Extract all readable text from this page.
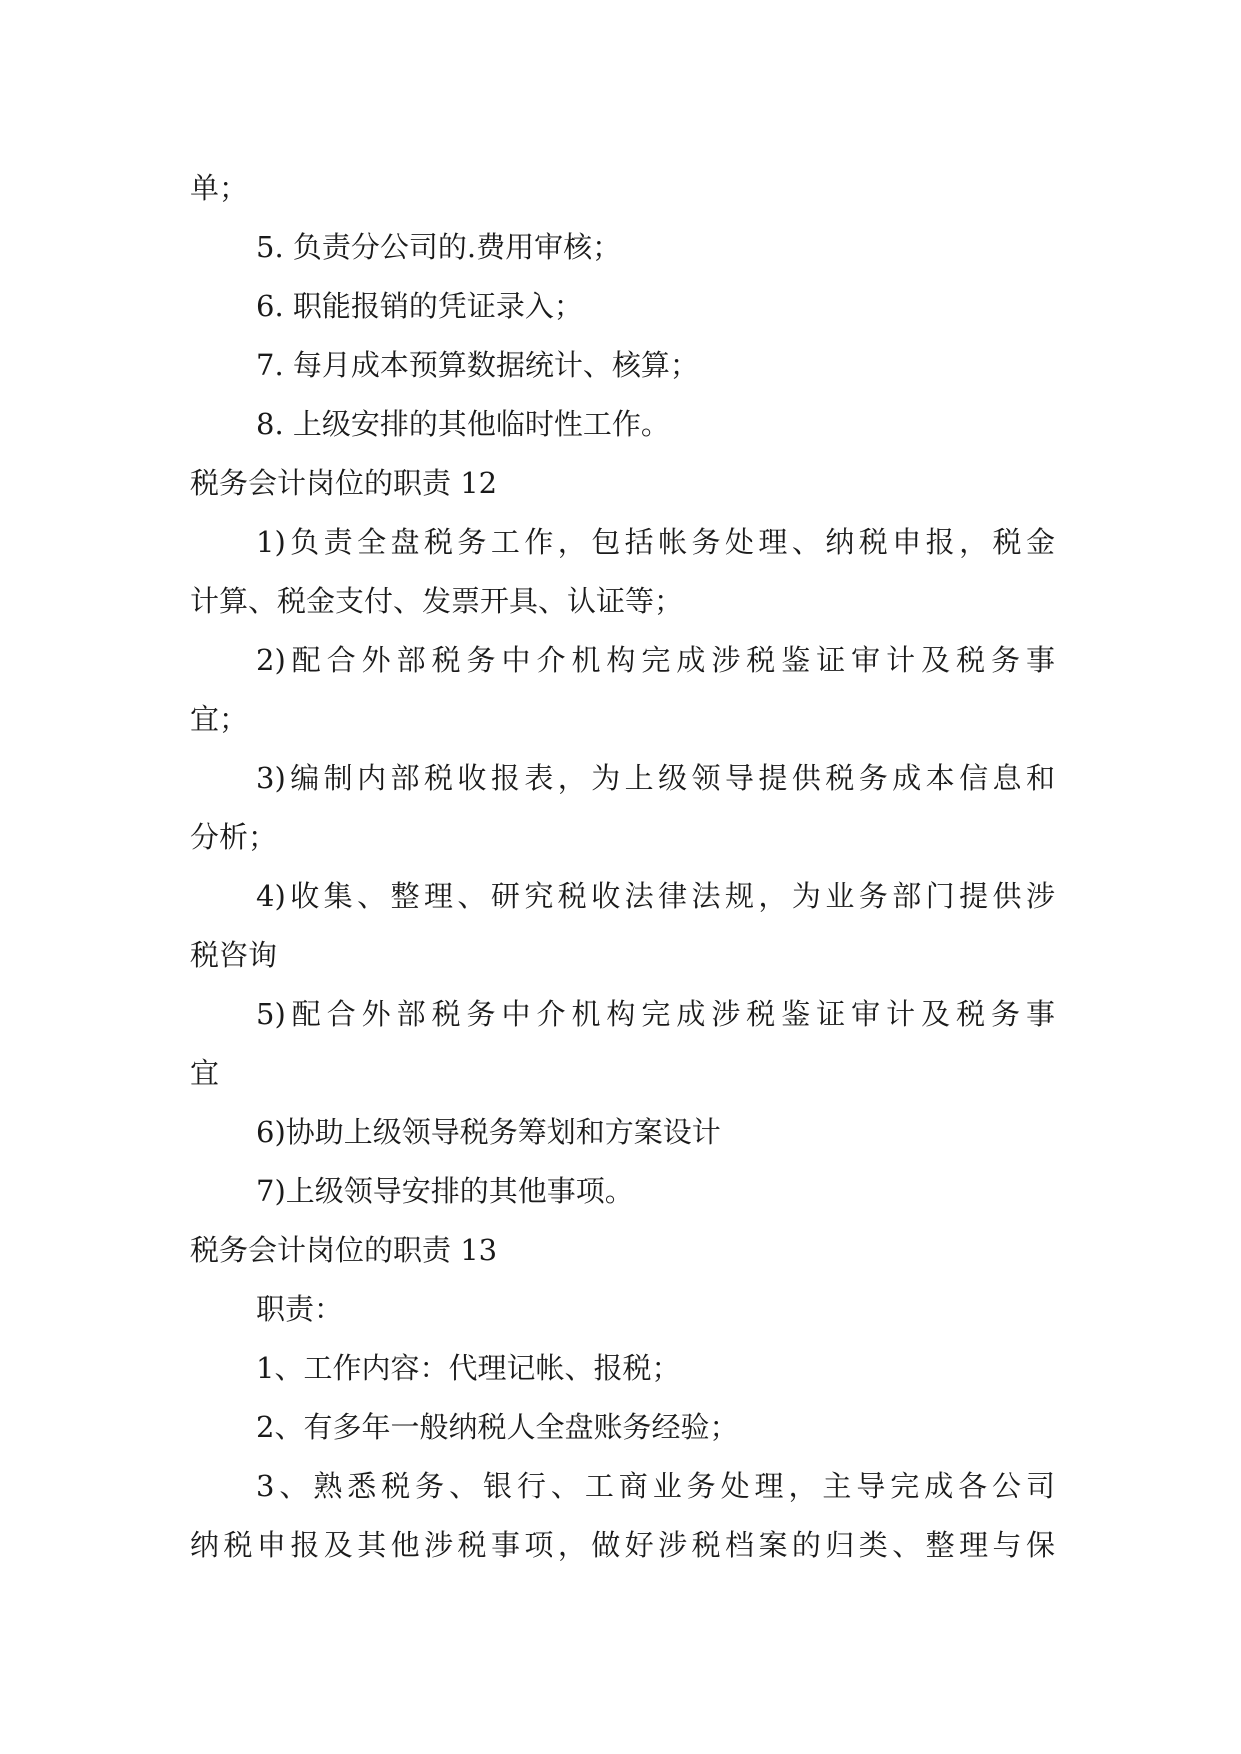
单；
5. 负责分公司的.费用审核；
6. 职能报销的凭证录入；
7. 每月成本预算数据统计、核算；
8. 上级安排的其他临时性工作。
税务会计岗位的职责 12
1)负责全盘税务工作，包括帐务处理、纳税申报，税金
计算、税金支付、发票开具、认证等；
2)配合外部税务中介机构完成涉税鉴证审计及税务事
宜；
3)编制内部税收报表，为上级领导提供税务成本信息和
分析；
4)收集、整理、研究税收法律法规，为业务部门提供涉
税咨询
5)配合外部税务中介机构完成涉税鉴证审计及税务事
宜
6)协助上级领导税务筹划和方案设计
7)上级领导安排的其他事项。
税务会计岗位的职责 13
职责：
1、工作内容：代理记帐、报税；
2、有多年一般纳税人全盘账务经验；
3、熟悉税务、银行、工商业务处理，主导完成各公司
纳税申报及其他涉税事项，做好涉税档案的归类、整理与保
